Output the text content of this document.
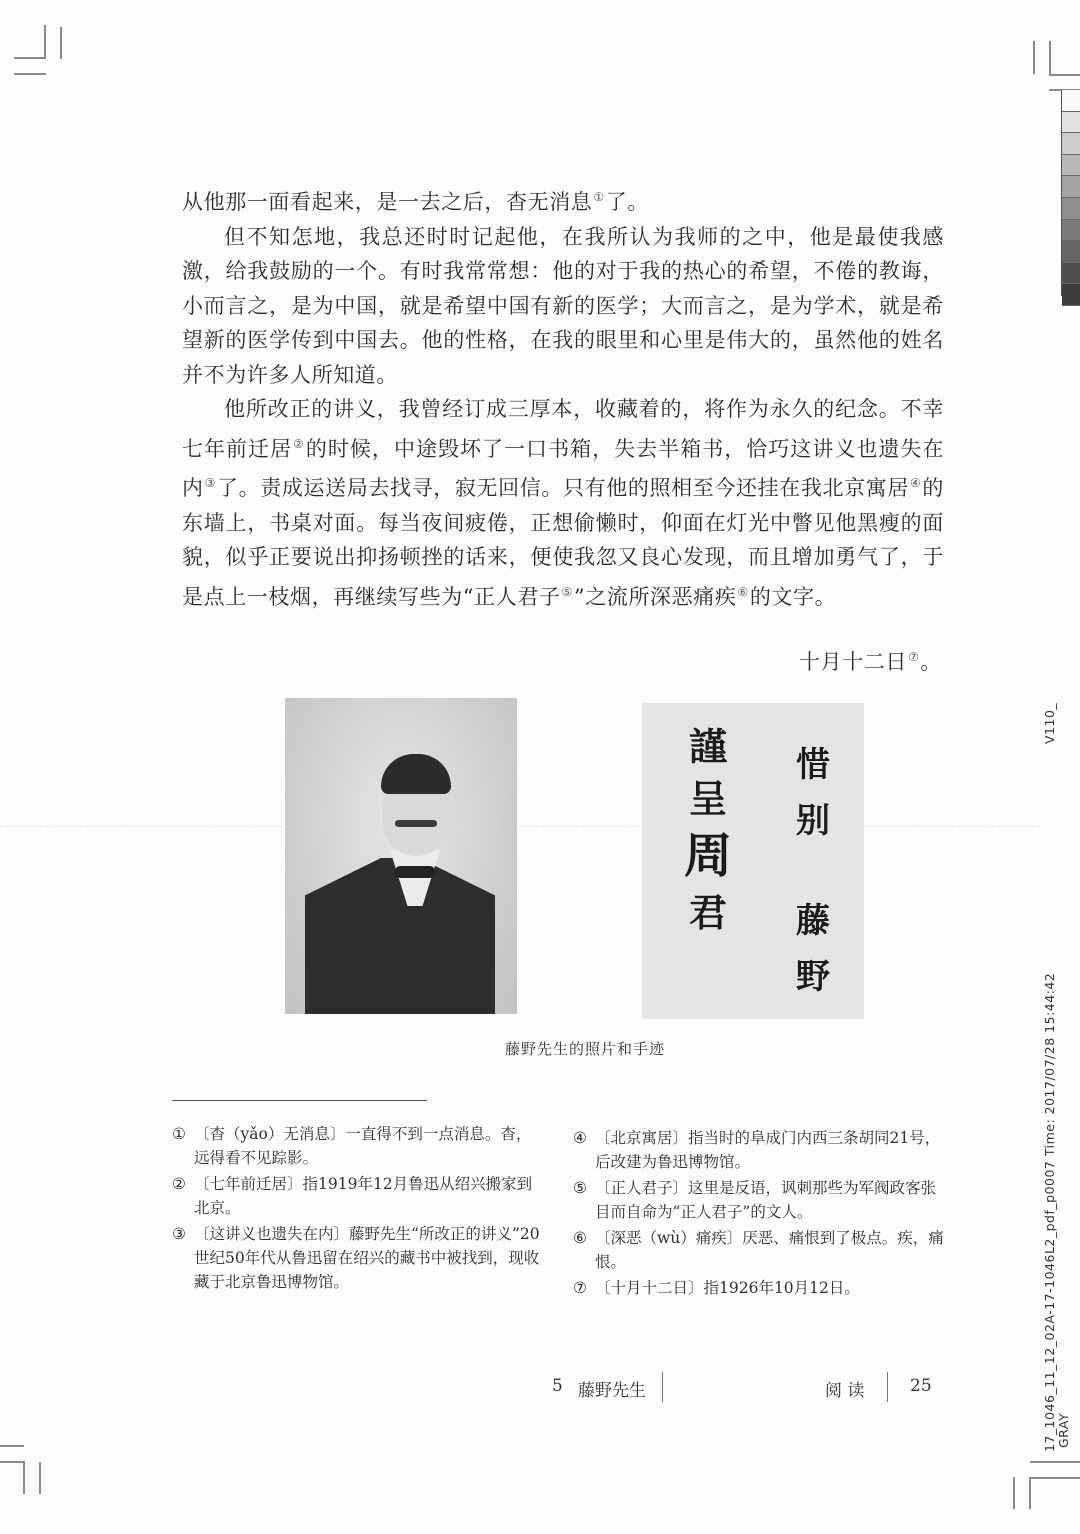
从他那一面看起来，是一去之后，杳无消息①了。

但不知怎地，我总还时时记起他，在我所认为我师的之中，他是最使我感激，给我鼓励的一个。有时我常常想：他的对于我的热心的希望，不倦的教诲，小而言之，是为中国，就是希望中国有新的医学；大而言之，是为学术，就是希望新的医学传到中国去。他的性格，在我的眼里和心里是伟大的，虽然他的姓名并不为许多人所知道。

他所改正的讲义，我曾经订成三厚本，收藏着的，将作为永久的纪念。不幸七年前迁居②的时候，中途毁坏了一口书箱，失去半箱书，恰巧这讲义也遗失在内③了。责成运送局去找寻，寂无回信。只有他的照相至今还挂在我北京寓居④的东墙上，书桌对面。每当夜间疲倦，正想偷懒时，仰面在灯光中瞥见他黑瘦的面貌，似乎正要说出抑扬顿挫的话来，便使我忽又良心发现，而且增加勇气了，于是点上一枝烟，再继续写些为“正人君子⑤”之流所深恶痛疾⑥的文字。

十月十二日⑦。
惜
别
藤
野
謹
呈
周
君
藤野先生的照片和手迹

① 〔杳（yǎo）无消息〕一直得不到一点消息。杳，远得看不见踪影。

② 〔七年前迁居〕指1919年12月鲁迅从绍兴搬家到北京。

③ 〔这讲义也遗失在内〕藤野先生“所改正的讲义”20世纪50年代从鲁迅留在绍兴的藏书中被找到，现收藏于北京鲁迅博物馆。

④ 〔北京寓居〕指当时的阜成门内西三条胡同21号，后改建为鲁迅博物馆。

⑤ 〔正人君子〕这里是反语，讽刺那些为军阀政客张目而自命为“正人君子”的文人。

⑥ 〔深恶（wù）痛疾〕厌恶、痛恨到了极点。疾，痛恨。

⑦ 〔十月十二日〕指1926年10月12日。

5 藤野先生	阅 读	25
V110_
17_1046_11_12_02A-17-1046L2_pdf_p0007 Time: 2017/07/28 15:44:42 GRAY
